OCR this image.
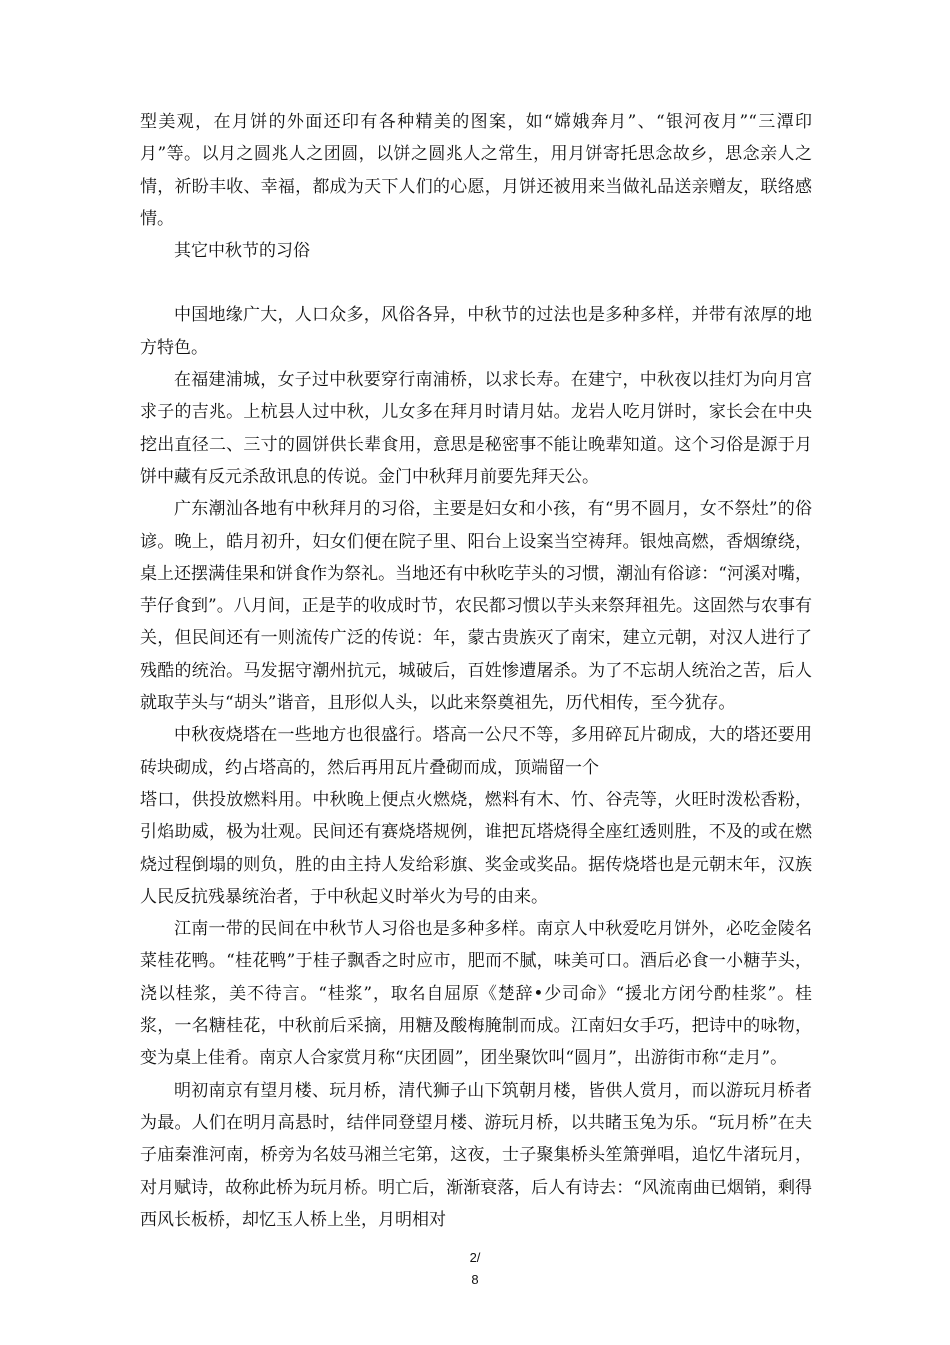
型美观，在月饼的外面还印有各种精美的图案，如“嫦娥奔月”、“银河夜月”“三潭印月”等。以月之圆兆人之团圆，以饼之圆兆人之常生，用月饼寄托思念故乡，思念亲人之情，祈盼丰收、幸福，都成为天下人们的心愿，月饼还被用来当做礼品送亲赠友，联络感情。

其它中秋节的习俗

中国地缘广大，人口众多，风俗各异，中秋节的过法也是多种多样，并带有浓厚的地方特色。

在福建浦城，女子过中秋要穿行南浦桥，以求长寿。在建宁，中秋夜以挂灯为向月宫求子的吉兆。上杭县人过中秋，儿女多在拜月时请月姑。龙岩人吃月饼时，家长会在中央挖出直径二、三寸的圆饼供长辈食用，意思是秘密事不能让晚辈知道。这个习俗是源于月饼中藏有反元杀敌讯息的传说。金门中秋拜月前要先拜天公。

广东潮汕各地有中秋拜月的习俗，主要是妇女和小孩，有“男不圆月，女不祭灶”的俗谚。晚上，皓月初升，妇女们便在院子里、阳台上设案当空祷拜。银烛高燃，香烟缭绕，桌上还摆满佳果和饼食作为祭礼。当地还有中秋吃芋头的习惯，潮汕有俗谚：“河溪对嘴，芋仔食到”。八月间，正是芋的收成时节，农民都习惯以芋头来祭拜祖先。这固然与农事有关，但民间还有一则流传广泛的传说：年，蒙古贵族灭了南宋，建立元朝，对汉人进行了残酷的统治。马发据守潮州抗元，城破后，百姓惨遭屠杀。为了不忘胡人统治之苦，后人就取芋头与“胡头”谐音，且形似人头，以此来祭奠祖先，历代相传，至今犹存。

中秋夜烧塔在一些地方也很盛行。塔高一公尺不等，多用碎瓦片砌成，大的塔还要用砖块砌成，约占塔高的，然后再用瓦片叠砌而成，顶端留一个

塔口，供投放燃料用。中秋晚上便点火燃烧，燃料有木、竹、谷壳等，火旺时泼松香粉，引焰助威，极为壮观。民间还有赛烧塔规例，谁把瓦塔烧得全座红透则胜，不及的或在燃烧过程倒塌的则负，胜的由主持人发给彩旗、奖金或奖品。据传烧塔也是元朝末年，汉族人民反抗残暴统治者，于中秋起义时举火为号的由来。

江南一带的民间在中秋节人习俗也是多种多样。南京人中秋爱吃月饼外，必吃金陵名菜桂花鸭。“桂花鸭”于桂子飘香之时应市，肥而不腻，味美可口。酒后必食一小糖芋头，浇以桂浆，美不待言。“桂浆”，取名自屈原《楚辞•少司命》“援北方闭兮酌桂浆”。桂浆，一名糖桂花，中秋前后采摘，用糖及酸梅腌制而成。江南妇女手巧，把诗中的咏物，变为桌上佳肴。南京人合家赏月称“庆团圆”，团坐聚饮叫“圆月”，出游街市称“走月”。

明初南京有望月楼、玩月桥，清代狮子山下筑朝月楼，皆供人赏月，而以游玩月桥者为最。人们在明月高悬时，结伴同登望月楼、游玩月桥，以共睹玉兔为乐。“玩月桥”在夫子庙秦淮河南，桥旁为名妓马湘兰宅第，这夜，士子聚集桥头笙箫弹唱，追忆牛渚玩月，对月赋诗，故称此桥为玩月桥。明亡后，渐渐衰落，后人有诗去：“风流南曲已烟销，剩得西风长板桥，却忆玉人桥上坐，月明相对

2/
8
